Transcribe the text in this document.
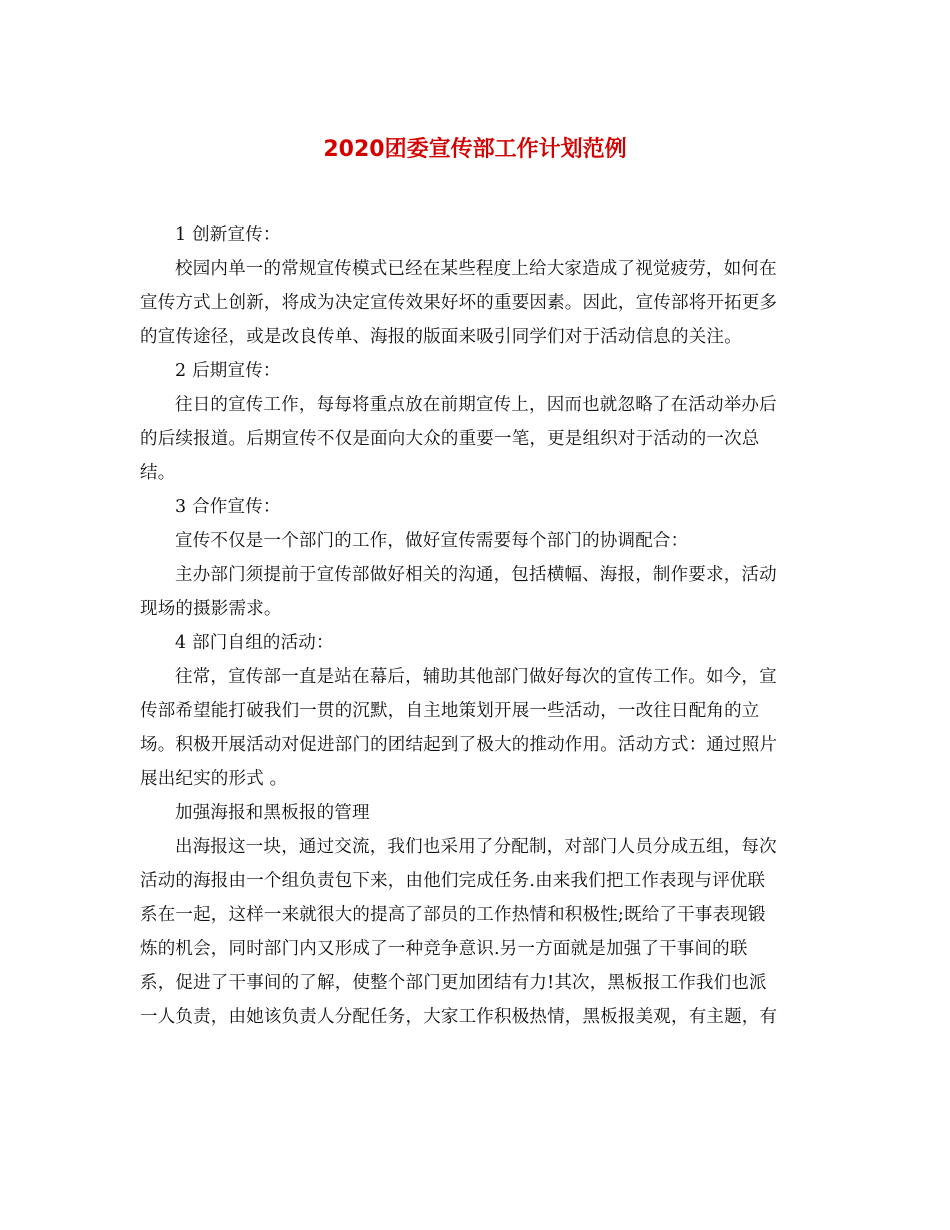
2020团委宣传部工作计划范例

1 创新宣传：

校园内单一的常规宣传模式已经在某些程度上给大家造成了视觉疲劳，如何在

宣传方式上创新，将成为决定宣传效果好坏的重要因素。因此，宣传部将开拓更多

的宣传途径，或是改良传单、海报的版面来吸引同学们对于活动信息的关注。

2 后期宣传：

往日的宣传工作，每每将重点放在前期宣传上，因而也就忽略了在活动举办后

的后续报道。后期宣传不仅是面向大众的重要一笔，更是组织对于活动的一次总

结。

3 合作宣传：

宣传不仅是一个部门的工作，做好宣传需要每个部门的协调配合：

主办部门须提前于宣传部做好相关的沟通，包括横幅、海报，制作要求，活动

现场的摄影需求。

4 部门自组的活动：

往常，宣传部一直是站在幕后，辅助其他部门做好每次的宣传工作。如今，宣

传部希望能打破我们一贯的沉默，自主地策划开展一些活动，一改往日配角的立

场。积极开展活动对促进部门的团结起到了极大的推动作用。活动方式：通过照片

展出纪实的形式 。

加强海报和黑板报的管理

出海报这一块，通过交流，我们也采用了分配制，对部门人员分成五组，每次

活动的海报由一个组负责包下来，由他们完成任务.由来我们把工作表现与评优联

系在一起，这样一来就很大的提高了部员的工作热情和积极性;既给了干事表现锻

炼的机会，同时部门内又形成了一种竞争意识.另一方面就是加强了干事间的联

系，促进了干事间的了解，使整个部门更加团结有力!其次，黑板报工作我们也派

一人负责，由她该负责人分配任务，大家工作积极热情，黑板报美观，有主题，有
